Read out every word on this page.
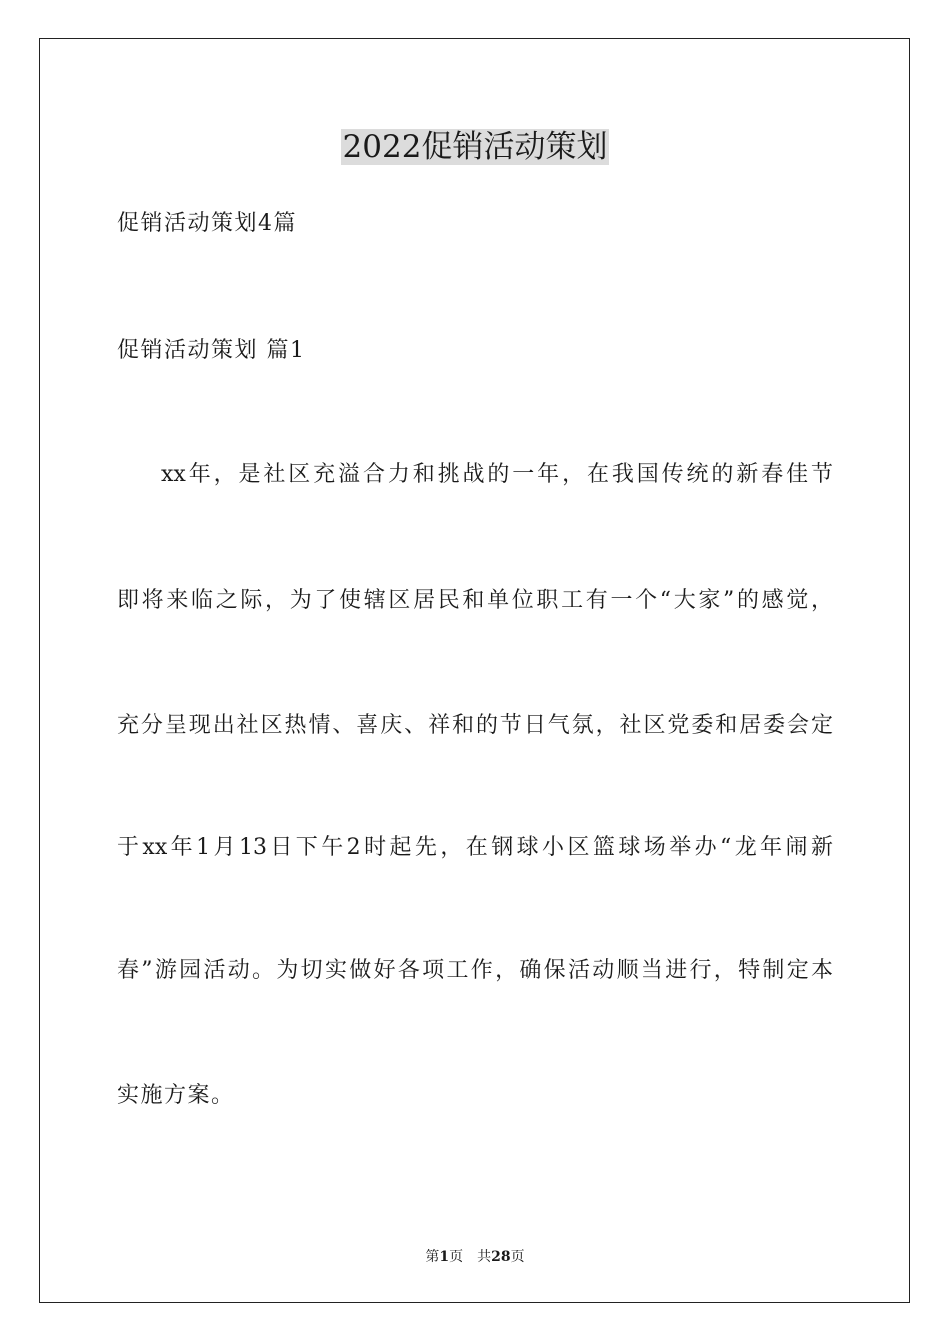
2022促销活动策划
促销活动策划4篇
促销活动策划 篇1
xx年，是社区充溢合力和挑战的一年，在我国传统的新春佳节
即将来临之际，为了使辖区居民和单位职工有一个“大家”的感觉，
充分呈现出社区热情、喜庆、祥和的节日气氛，社区党委和居委会定
于xx年1月13日下午2时起先，在钢球小区篮球场举办“龙年闹新
春”游园活动。为切实做好各项工作，确保活动顺当进行，特制定本
实施方案。
第1页 共28页
